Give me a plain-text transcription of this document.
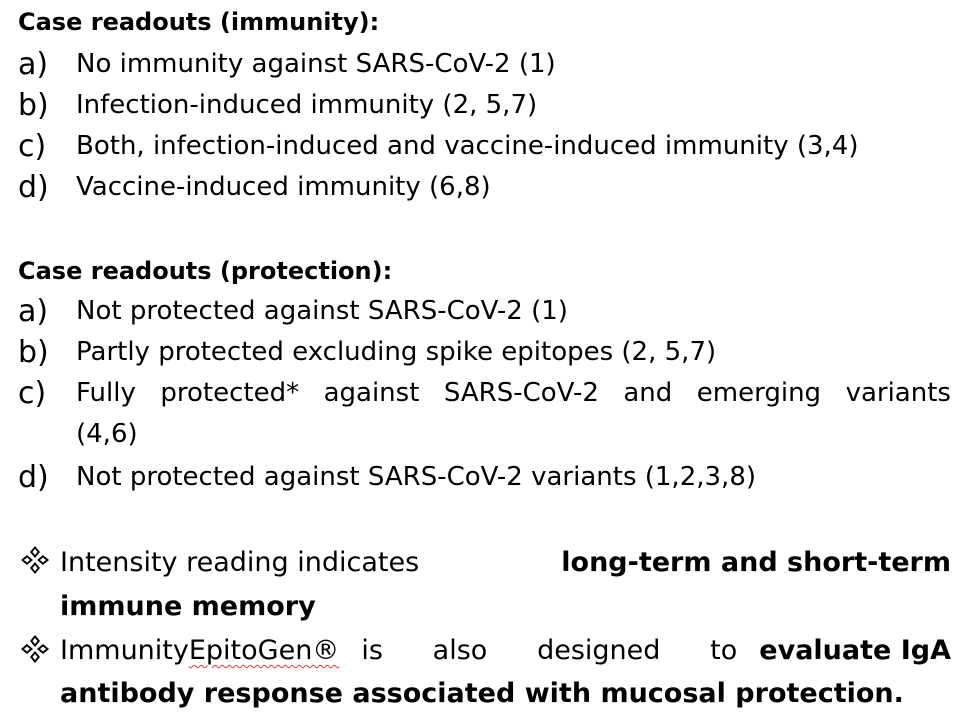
Case readouts (immunity):
a) No immunity against SARS-CoV-2 (1)
b) Infection-induced immunity (2, 5,7)
c) Both, infection-induced and vaccine-induced immunity (3,4)
d) Vaccine-induced immunity (6,8)
Case readouts (protection):
a) Not protected against SARS-CoV-2 (1)
b) Partly protected excluding spike epitopes (2, 5,7)
c) Fully protected* against SARS-CoV-2 and emerging variants
(4,6)
d) Not protected against SARS-CoV-2 variants (1,2,3,8)
Intensity reading indicates	long-term and short-term
immune memory
Immunity EpitoGen® is also designed to evaluate IgA
antibody response associated with mucosal protection.
